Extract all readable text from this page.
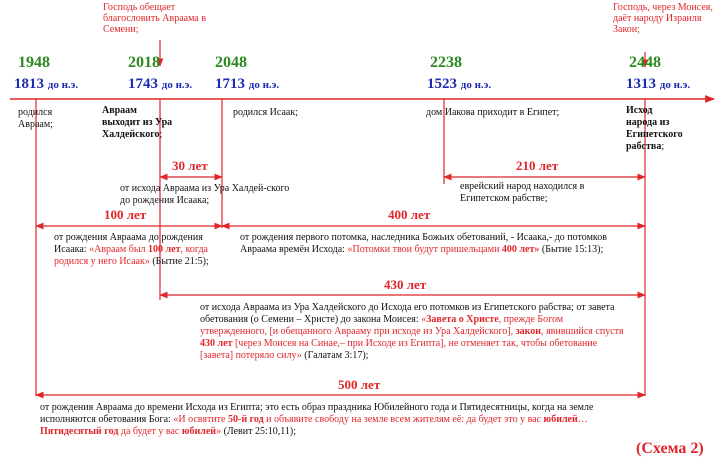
Господь обещает благословить Авраама в Семени;
Господь, через Моисея, даёт народу Израиля Закон;
1948	2018	2048	2238	2448
1813 до н.э.	1743 до н.э. 1713 до н.э.	1523 до н.э.	1313 до н.э.
родился Авраам;
Авраам выходит из Ура Халдейского;
родился Исаак;	дом Иакова приходит в Египет;	Исход народа из Египетского рабства;
30 лет
от исхода Авраама из Ура Халдей-ского до рождения Исаака;
210 лет
еврейский народ находился в Египетском рабстве;
100 лет
от рождения Авраама до рождения Исаака: «Авраам был 100 лет, когда родился у него Исаак» (Бытие 21:5);
400 лет
от рождения первого потомка, наследника Божьих обетований, - Исаака,- до потомков Авраама времён Исхода: «Потомки твои будут пришельцами 400 лет» (Бытие 15:13);
430 лет
от исхода Авраама из Ура Халдейского до Исхода его потомков из Египетского рабства; от завета обетования (о Семени – Христе) до закона Моисея: «Завета о Христе, прежде Богом утвержденного, [и обещанного Аврааму при исходе из Ура Халдейского], закон, явившийся спустя 430 лет [через Моисея на Синае,– при Исходе из Египта], не отменяет так, чтобы обетование [завета] потеряло силу» (Галатам 3:17);
500 лет
от рождения Авраама до времени Исхода из Египта; это есть образ праздника Юбилейного года и Пятидесятницы, когда на земле исполняются обетования Бога: «И освятите 50-й год и объявите свободу на земле всем жителям её: да будет это у вас юбилей… Пятидесятый год да будет у вас юбилей» (Левит 25:10,11);
(Схема 2)
